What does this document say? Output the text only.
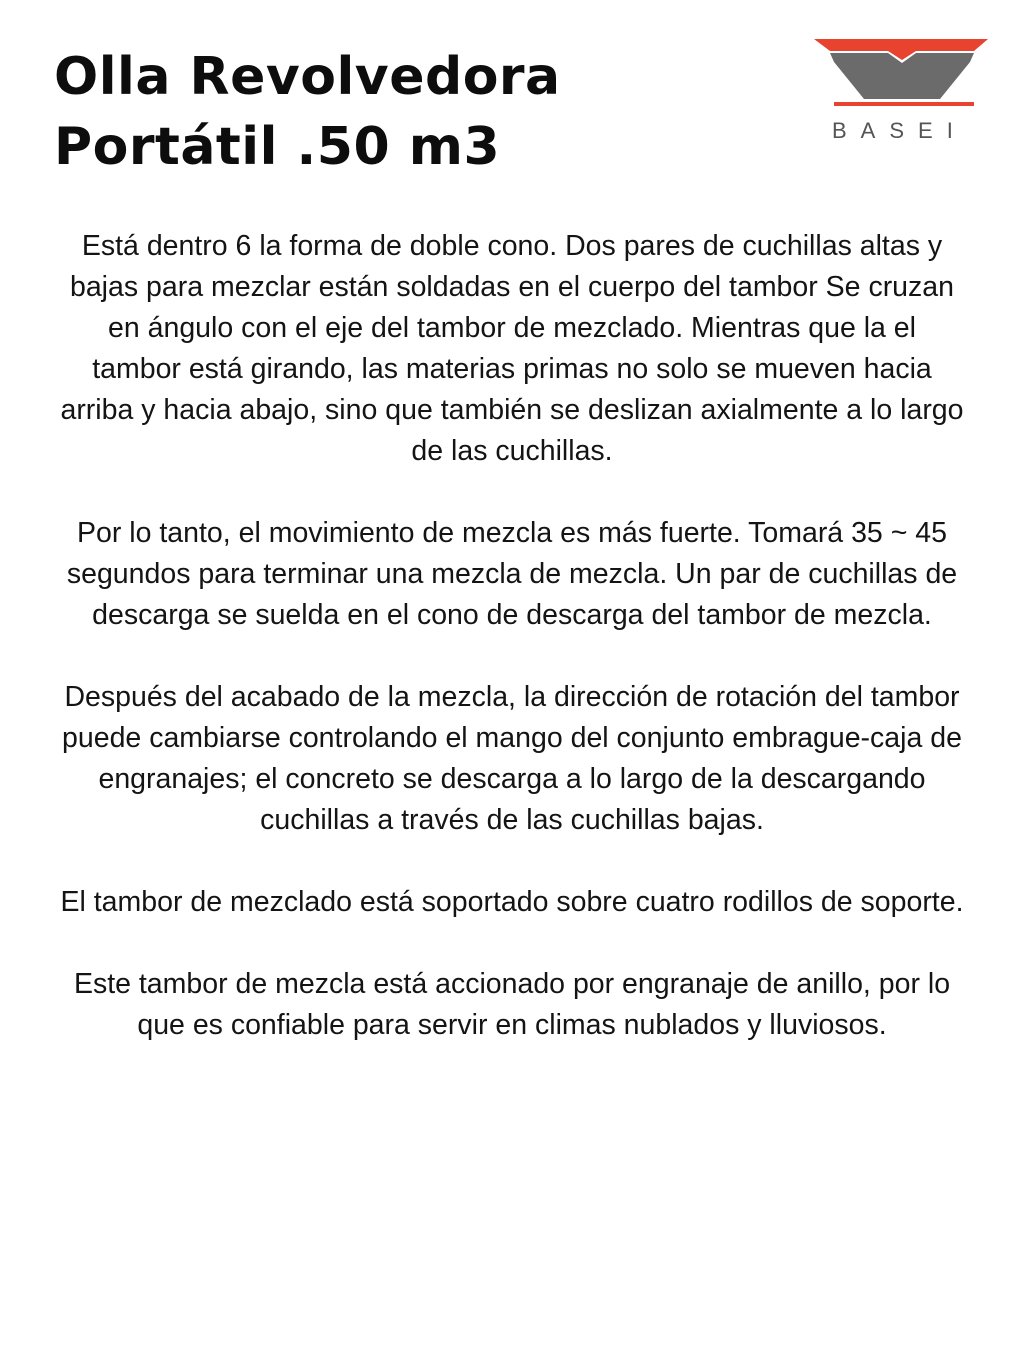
Olla Revolvedora
Portátil .50 m3	BASEI

Está dentro 6 la forma de doble cono. Dos pares de cuchillas altas y bajas para mezclar están soldadas en el cuerpo del tambor Se cruzan en ángulo con el eje del tambor de mezclado. Mientras que la el tambor está girando, las materias primas no solo se mueven hacia arriba y hacia abajo, sino que también se deslizan axialmente a lo largo de las cuchillas.

Por lo tanto, el movimiento de mezcla es más fuerte. Tomará 35 ~ 45 segundos para terminar una mezcla de mezcla. Un par de cuchillas de descarga se suelda en el cono de descarga del tambor de mezcla.

Después del acabado de la mezcla, la dirección de rotación del tambor puede cambiarse controlando el mango del conjunto embrague-caja de engranajes; el concreto se descarga a lo largo de la descargando cuchillas a través de las cuchillas bajas.

El tambor de mezclado está soportado sobre cuatro rodillos de soporte.

Este tambor de mezcla está accionado por engranaje de anillo, por lo que es confiable para servir en climas nublados y lluviosos.
